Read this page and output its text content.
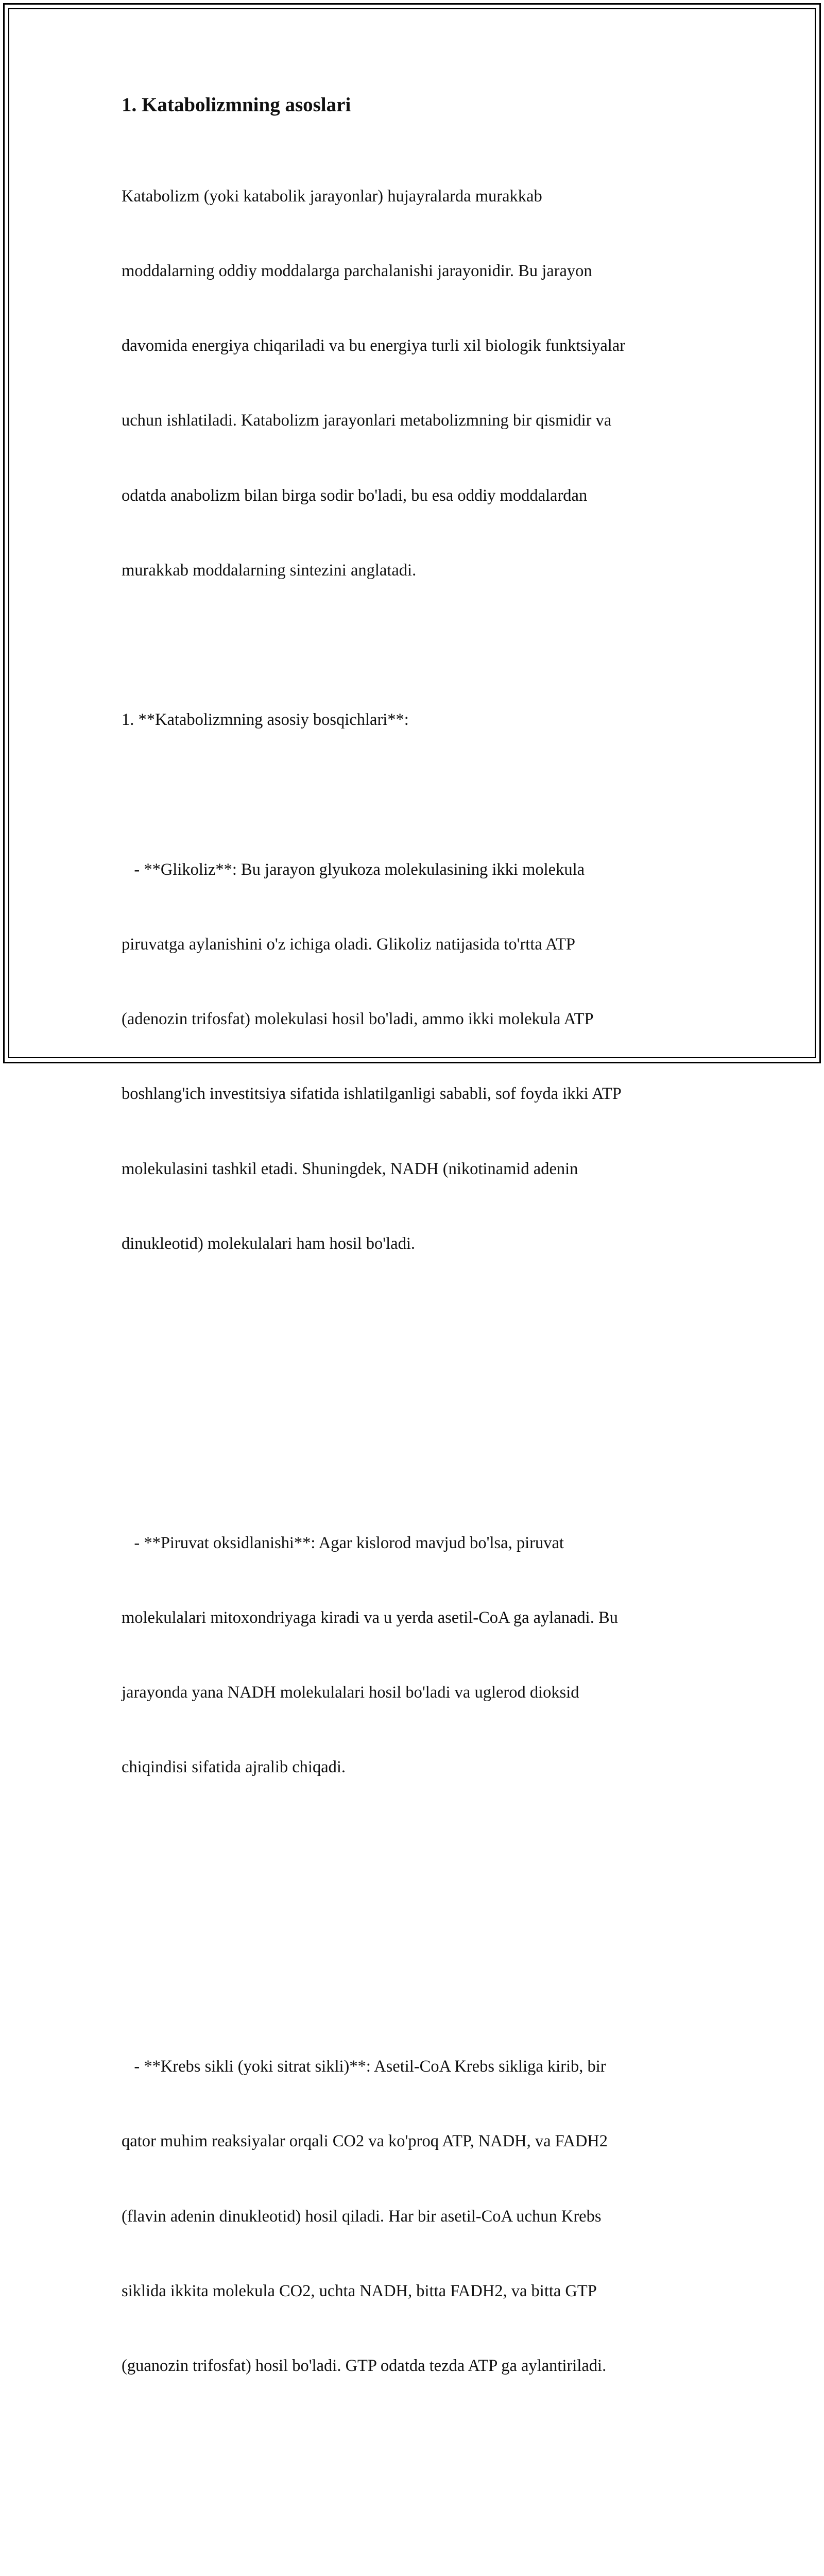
1. Katabolizmning asoslari

Katabolizm (yoki katabolik jarayonlar) hujayralarda murakkab

moddalarning oddiy moddalarga parchalanishi jarayonidir. Bu jarayon

davomida energiya chiqariladi va bu energiya turli xil biologik funktsiyalar

uchun ishlatiladi. Katabolizm jarayonlari metabolizmning bir qismidir va

odatda anabolizm bilan birga sodir bo'ladi, bu esa oddiy moddalardan

murakkab moddalarning sintezini anglatadi.

1. **Katabolizmning asosiy bosqichlari**:

- **Glikoliz**: Bu jarayon glyukoza molekulasining ikki molekula

piruvatga aylanishini o'z ichiga oladi. Glikoliz natijasida to'rtta ATP

(adenozin trifosfat) molekulasi hosil bo'ladi, ammo ikki molekula ATP

boshlang'ich investitsiya sifatida ishlatilganligi sababli, sof foyda ikki ATP

molekulasini tashkil etadi. Shuningdek, NADH (nikotinamid adenin

dinukleotid) molekulalari ham hosil bo'ladi.

- **Piruvat oksidlanishi**: Agar kislorod mavjud bo'lsa, piruvat

molekulalari mitoxondriyaga kiradi va u yerda asetil-CoA ga aylanadi. Bu

jarayonda yana NADH molekulalari hosil bo'ladi va uglerod dioksid

chiqindisi sifatida ajralib chiqadi.

- **Krebs sikli (yoki sitrat sikli)**: Asetil-CoA Krebs sikliga kirib, bir

qator muhim reaksiyalar orqali CO2 va ko'proq ATP, NADH, va FADH2

(flavin adenin dinukleotid) hosil qiladi. Har bir asetil-CoA uchun Krebs

siklida ikkita molekula CO2, uchta NADH, bitta FADH2, va bitta GTP

(guanozin trifosfat) hosil bo'ladi. GTP odatda tezda ATP ga aylantiriladi.
